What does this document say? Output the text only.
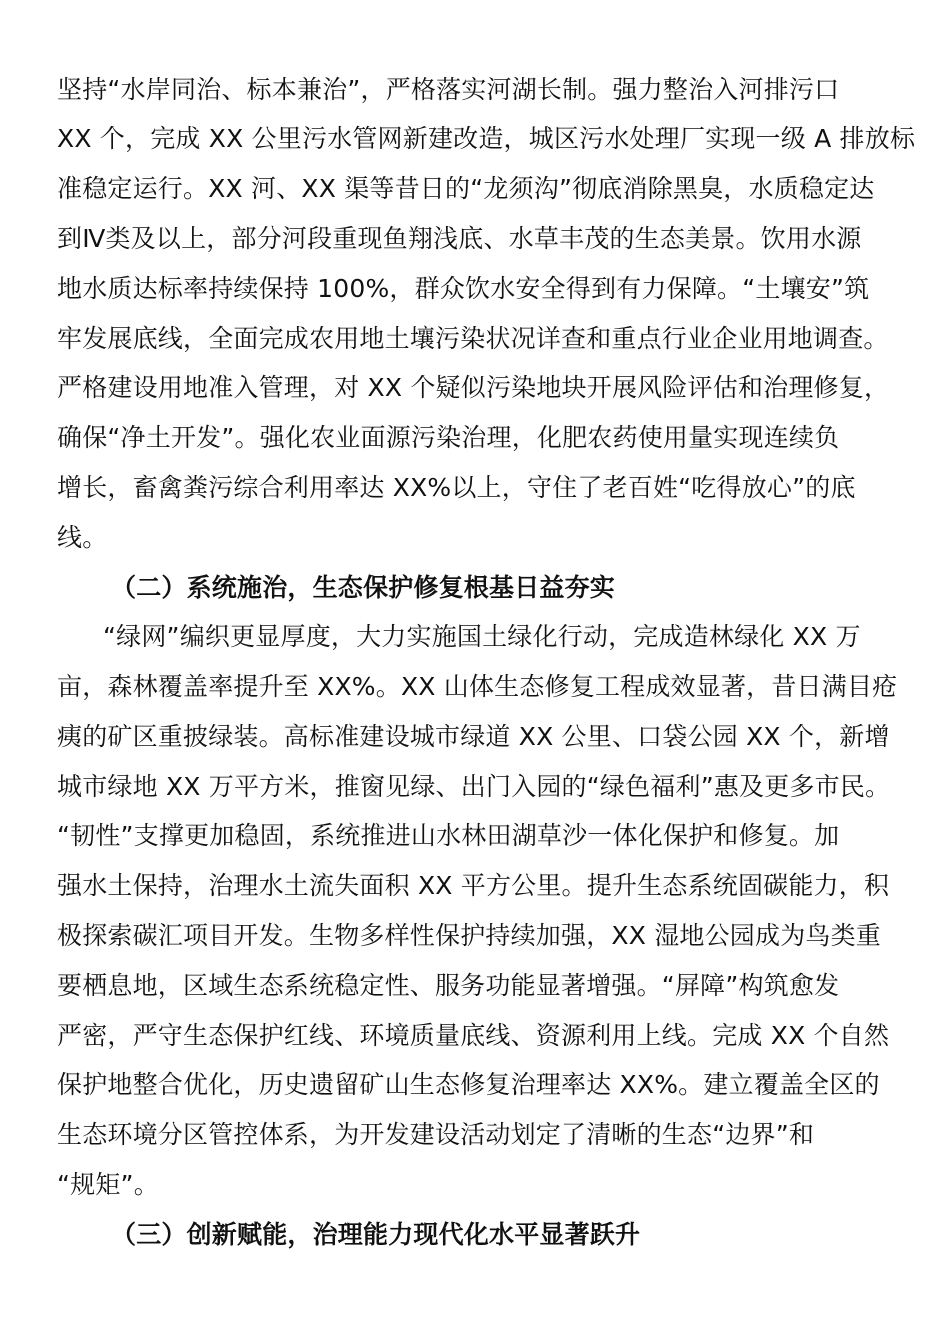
坚持“水岸同治、标本兼治”，严格落实河湖长制。强力整治入河排污口
XX 个，完成 XX 公里污水管网新建改造，城区污水处理厂实现一级 A 排放标
准稳定运行。XX 河、XX 渠等昔日的“龙须沟”彻底消除黑臭，水质稳定达
到Ⅳ类及以上，部分河段重现鱼翔浅底、水草丰茂的生态美景。饮用水源
地水质达标率持续保持 100%，群众饮水安全得到有力保障。“土壤安”筑
牢发展底线，全面完成农用地土壤污染状况详查和重点行业企业用地调查。
严格建设用地准入管理，对 XX 个疑似污染地块开展风险评估和治理修复，
确保“净土开发”。强化农业面源污染治理，化肥农药使用量实现连续负
增长，畜禽粪污综合利用率达 XX%以上，守住了老百姓“吃得放心”的底
线。
（二）系统施治，生态保护修复根基日益夯实
“绿网”编织更显厚度，大力实施国土绿化行动，完成造林绿化 XX 万
亩，森林覆盖率提升至 XX%。XX 山体生态修复工程成效显著，昔日满目疮
痍的矿区重披绿装。高标准建设城市绿道 XX 公里、口袋公园 XX 个，新增
城市绿地 XX 万平方米，推窗见绿、出门入园的“绿色福利”惠及更多市民。
“韧性”支撑更加稳固，系统推进山水林田湖草沙一体化保护和修复。加
强水土保持，治理水土流失面积 XX 平方公里。提升生态系统固碳能力，积
极探索碳汇项目开发。生物多样性保护持续加强，XX 湿地公园成为鸟类重
要栖息地，区域生态系统稳定性、服务功能显著增强。“屏障”构筑愈发
严密，严守生态保护红线、环境质量底线、资源利用上线。完成 XX 个自然
保护地整合优化，历史遗留矿山生态修复治理率达 XX%。建立覆盖全区的
生态环境分区管控体系，为开发建设活动划定了清晰的生态“边界”和
“规矩”。
（三）创新赋能，治理能力现代化水平显著跃升
